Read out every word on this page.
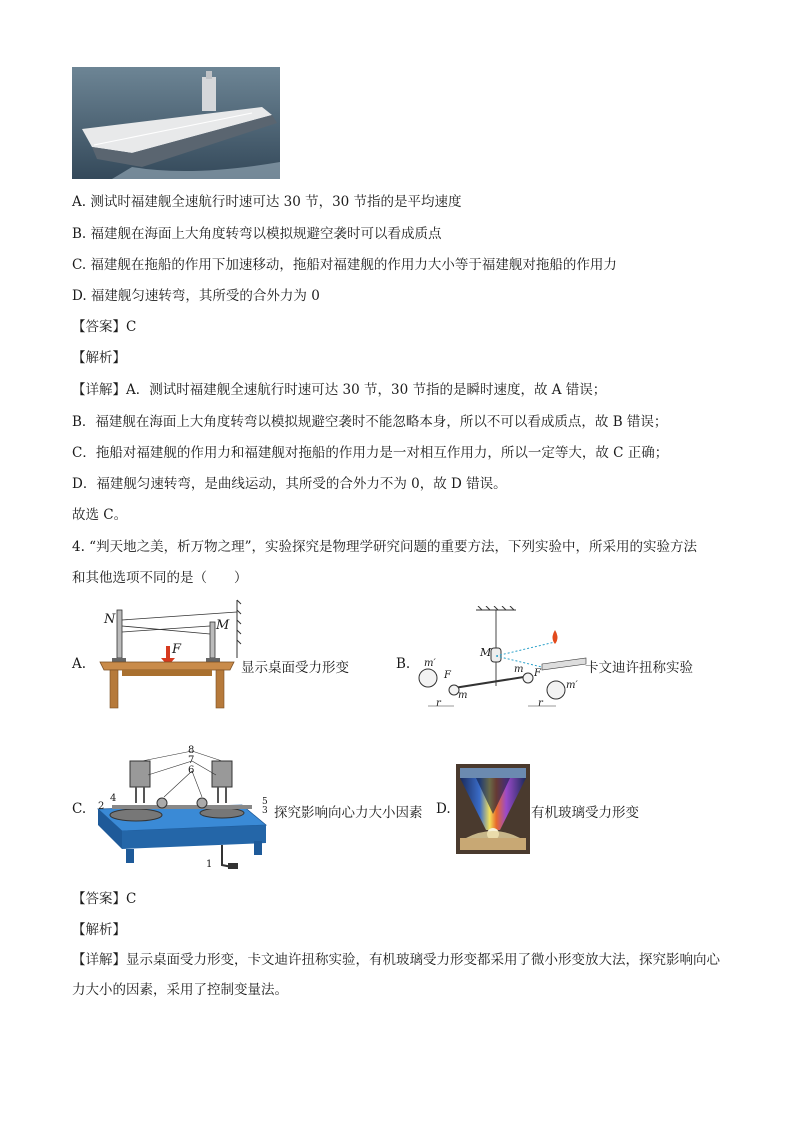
A. 测试时福建舰全速航行时速可达 30 节，30 节指的是平均速度
B. 福建舰在海面上大角度转弯以模拟规避空袭时可以看成质点
C. 福建舰在拖船的作用下加速移动，拖船对福建舰的作用力大小等于福建舰对拖船的作用力
D. 福建舰匀速转弯，其所受的合外力为 0
【答案】C
【解析】
【详解】A．测试时福建舰全速航行时速可达 30 节，30 节指的是瞬时速度，故 A 错误；
B．福建舰在海面上大角度转弯以模拟规避空袭时不能忽略本身，所以不可以看成质点，故 B 错误；
C．拖船对福建舰的作用力和福建舰对拖船的作用力是一对相互作用力，所以一定等大，故 C 正确；
D．福建舰匀速转弯，是曲线运动，其所受的合外力不为 0，故 D 错误。
故选 C。
4. “判天地之美，析万物之理”，实验探究是物理学研究问题的重要方法，下列实验中，所采用的实验方法
和其他选项不同的是（　　）
A.
N	M
F
显示桌面受力形变	B.
M
m′
m′
m
m
F	F
r	r
卡文迪许扭称实验
C.
8
7
6
4
2	5
3
1
探究影响向心力大小因素 D.	有机玻璃受力形变
【答案】C
【解析】
【详解】显示桌面受力形变，卡文迪许扭称实验，有机玻璃受力形变都采用了微小形变放大法，探究影响向心力大小的因素，采用了控制变量法。
